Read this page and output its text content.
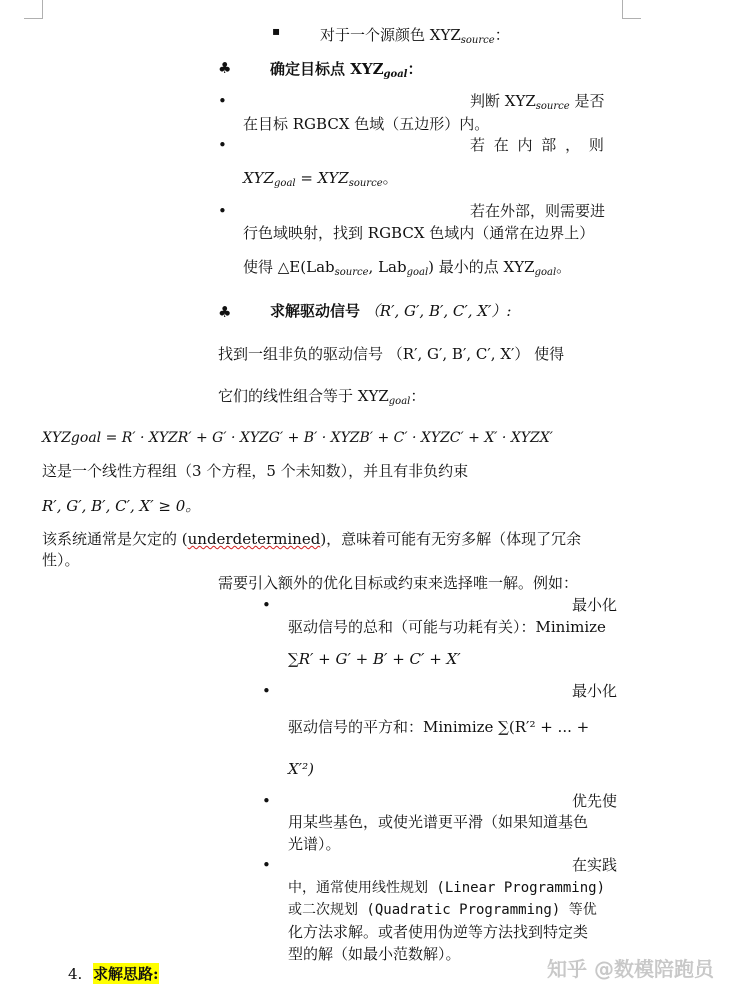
▪	对于一个源颜色 $XYZ_{source}$：
♣	确定目标点 $XYZ_{goal}$：
•	判断 $XYZ_{source}$ 是否
在目标 RGBCX 色域（五边形）内。
•	若 在 内 部 ， 则
$XYZ_{goal} = XYZ_{source}$。
•	若在外部，则需要进
行色域映射，找到 RGBCX 色域内（通常在边界上）
使得 △E(Lab$_{source}$, Lab$_{goal}$) 最小的点 $XYZ_{goal}$。
♣	求解驱动信号 （R′, G′, B′, C′, X′）:
找到一组非负的驱动信号 （R′, G′, B′, C′, X′） 使得
它们的线性组合等于 $XYZ_{goal}$：
XYZgoal = R′ · XYZR′ + G′ · XYZG′ + B′ · XYZB′ + C′ · XYZC′ + X′ · XYZX′
这是一个线性方程组（3 个方程，5 个未知数），并且有非负约束
R′, G′, B′, C′, X′ ≥ 0。
该系统通常是欠定的 (underdetermined)，意味着可能有无穷多解（体现了冗余
性）。
需要引入额外的优化目标或约束来选择唯一解。例如：
•	最小化
驱动信号的总和（可能与功耗有关）：Minimize
∑R′ + G′ + B′ + C′ + X′
•	最小化
驱动信号的平方和：Minimize ∑(R′² + ... +
X′²)
•	优先使
用某些基色，或使光谱更平滑（如果知道基色
光谱）。
•	在实践
中，通常使用线性规划 (Linear Programming)
或二次规划 (Quadratic Programming) 等优
化方法求解。或者使用伪逆等方法找到特定类
型的解（如最小范数解）。
4. 求解思路:	知乎 @数模陪跑员
